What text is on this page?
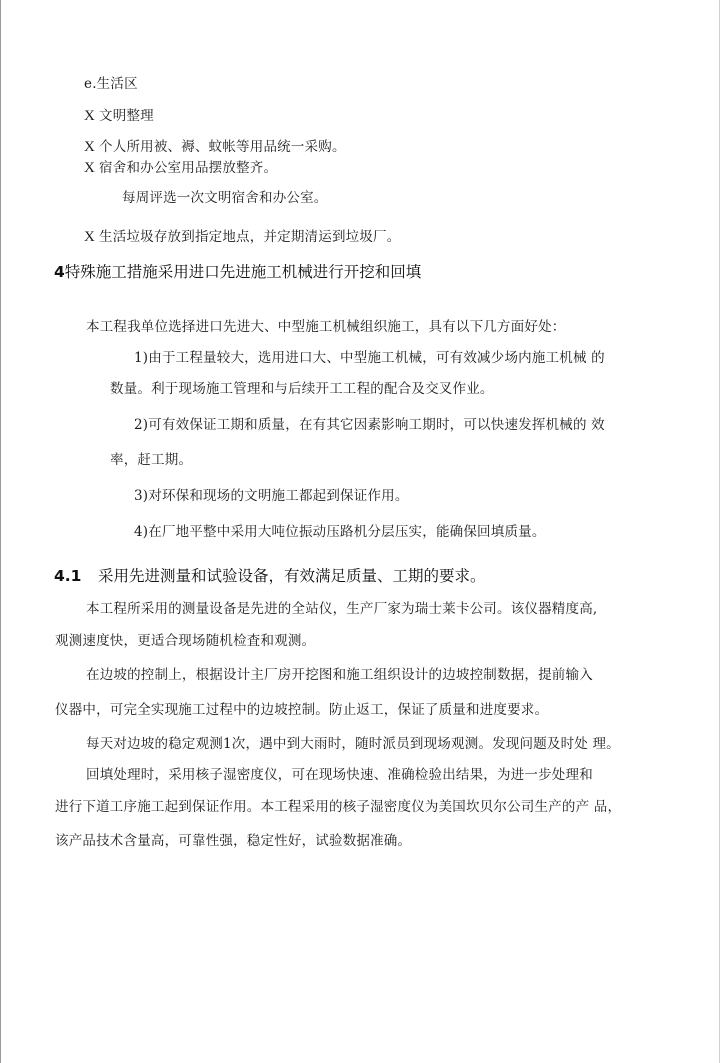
e.生活区
X 文明整理
X 个人所用被、褥、蚊帐等用品统一采购。
X 宿舍和办公室用品摆放整齐。
每周评选一次文明宿舍和办公室。
X 生活垃圾存放到指定地点，并定期清运到垃圾厂。
4特殊施工措施采用进口先进施工机械进行开挖和回填
本工程我单位选择进口先进大、中型施工机械组织施工，具有以下几方面好处：
1)由于工程量较大，选用进口大、中型施工机械，可有效减少场内施工机械 的
数量。利于现场施工管理和与后续开工工程的配合及交叉作业。
2)可有效保证工期和质量，在有其它因素影响工期时，可以快速发挥机械的 效
率，赶工期。
3)对环保和现场的文明施工都起到保证作用。
4)在厂地平整中采用大吨位振动压路机分层压实，能确保回填质量。
4.1 采用先进测量和试验设备，有效满足质量、工期的要求。
本工程所采用的测量设备是先进的全站仪，生产厂家为瑞士莱卡公司。该仪器精度高,
观测速度快，更适合现场随机检査和观测。
在边坡的控制上，根据设计主厂房开挖图和施工组织设计的边坡控制数据，提前输入
仪器中，可完全实现施工过程中的边坡控制。防止返工，保证了质量和进度要求。
每天对边坡的稳定观测1次，遇中到大雨时，随时派员到现场观测。发现问题及时处 理。
回填处理时，采用核子湿密度仪，可在现场快速、准确检验出结果，为进一步处理和
进行下道工序施工起到保证作用。本工程采用的核子湿密度仪为美国坎贝尔公司生产的产 品，
该产品技术含量高，可靠性强，稳定性好，试验数据准确。
